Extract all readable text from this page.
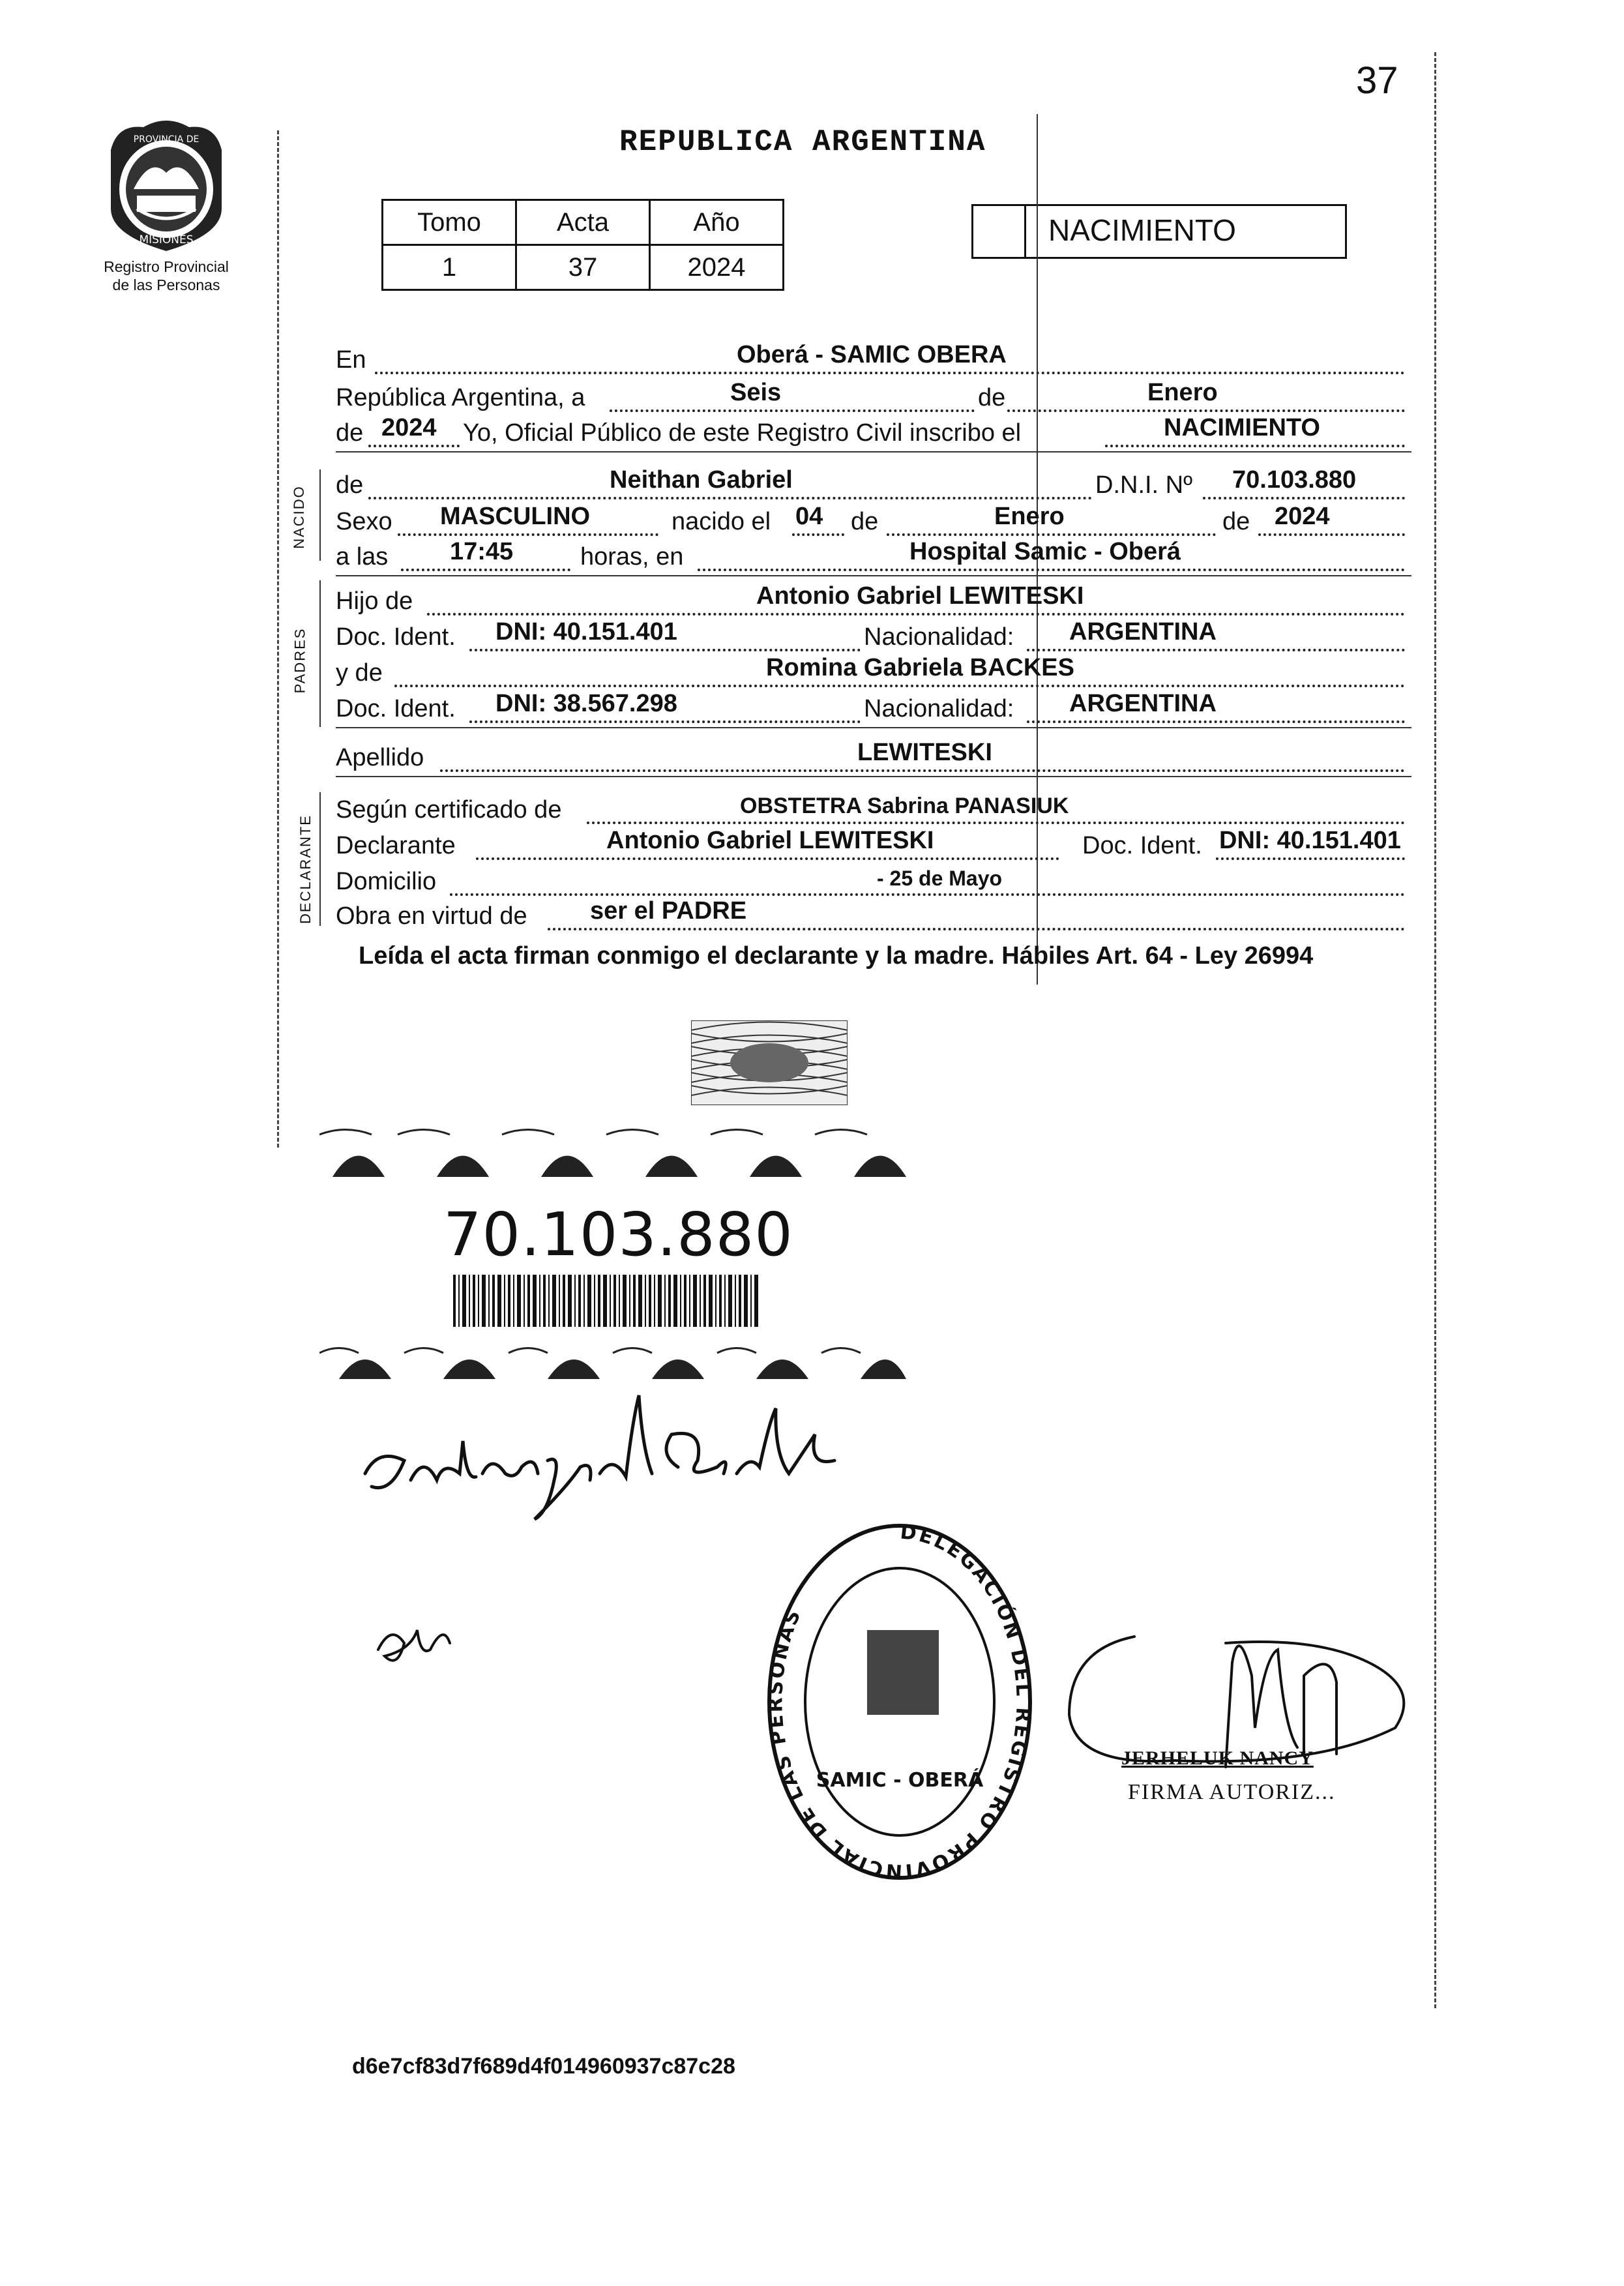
37
REPUBLICA ARGENTINA
PROVINCIA DE
MISIONES
Registro Provincial
de las Personas
Tomo	Acta	Año
1	37	2024
NACIMIENTO
NACIDO
PADRES
DECLARANTE
En	Oberá - SAMIC OBERA
República Argentina, a	Seis	de	Enero
de 2024 Yo, Oficial Público de este Registro Civil inscribo el	NACIMIENTO
de	Neithan Gabriel	D.N.I. Nº 70.103.880
Sexo MASCULINO	nacido el 04 de	Enero	de 2024
a las 17:45	horas, en	Hospital Samic - Oberá
Hijo de	Antonio Gabriel LEWITESKI
Doc. Ident. DNI: 40.151.401	Nacionalidad: ARGENTINA
y de	Romina Gabriela BACKES
Doc. Ident. DNI: 38.567.298	Nacionalidad: ARGENTINA
Apellido	LEWITESKI
Según certificado de	OBSTETRA Sabrina PANASIUK
Declarante	Antonio Gabriel LEWITESKI	Doc. Ident. DNI: 40.151.401
Domicilio	- 25 de Mayo
Obra en virtud de	ser el PADRE
Leída el acta firman conmigo el declarante y la madre. Hábiles Art. 64 - Ley 26994
70.103.880
DELEGACIÓN DEL REGISTRO PROVINCIAL DE LAS PERSONAS
SAMIC - OBERÁ
JERHELUK NANCY
FIRMA AUTORIZ...
d6e7cf83d7f689d4f014960937c87c28
